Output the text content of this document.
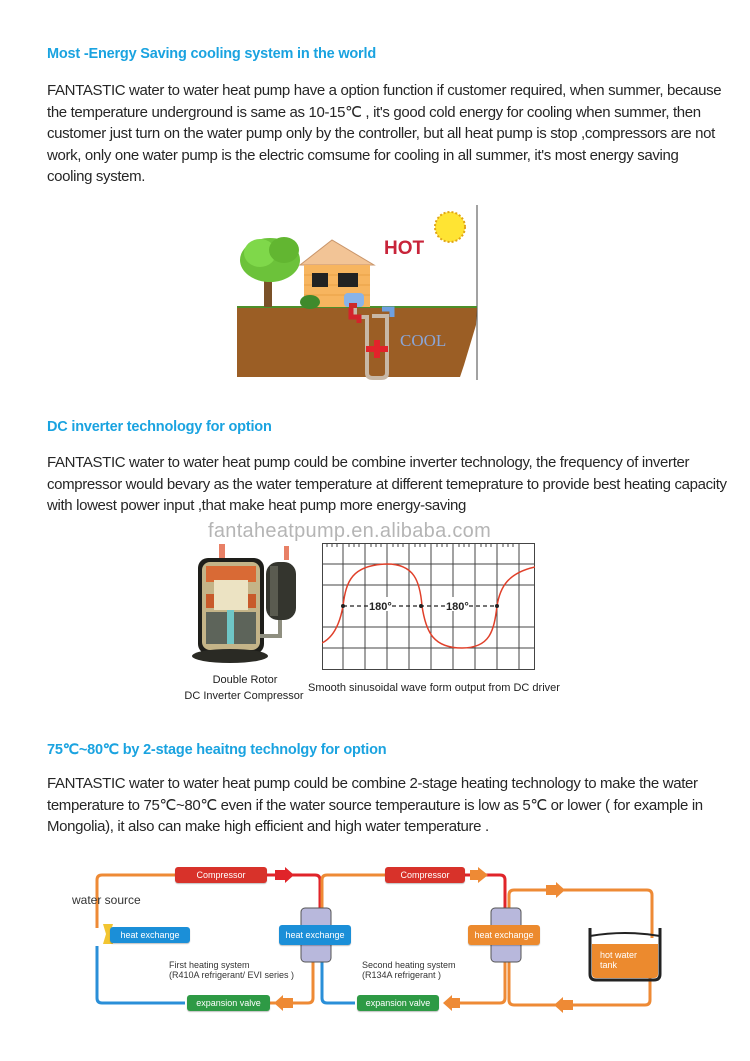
Most -Energy Saving cooling system in the world
FANTASTIC water to water heat pump have a option function if customer required, when summer, because the temperature underground is same as 10-15℃ , it's good cold energy for cooling when summer, then customer just turn on the water pump only by the controller, but all heat pump is stop ,compressors are not work, only one water pump is the electric comsume for cooling in all summer, it's most energy saving cooling system.
HOT
COOL
DC inverter technology for option
FANTASTIC water to water heat pump could be combine inverter technology, the frequency of inverter compressor would bevary as the water temperature at different temeprature to provide best heating capacity with lowest power input ,that make heat pump more energy-saving
fantaheatpump.en.alibaba.com
180°	180°
Double Rotor
DC Inverter Compressor
Smooth sinusoidal wave form output from DC driver
75℃~80℃ by 2-stage heaitng technolgy for option
FANTASTIC water to water heat pump could be combine 2-stage heating technology to make the water temperature to 75℃~80℃ even if the water source temperauture is low as 5℃ or lower ( for example in Mongolia), it also can make high efficient and high water temperature .
water source
Compressor	Compressor
heat exchange	heat exchange	heat exchange
expansion valve	expansion valve
First heating system
(R410A refrigerant/ EVI series )
Second heating system
(R134A refrigerant )
hot water
tank
